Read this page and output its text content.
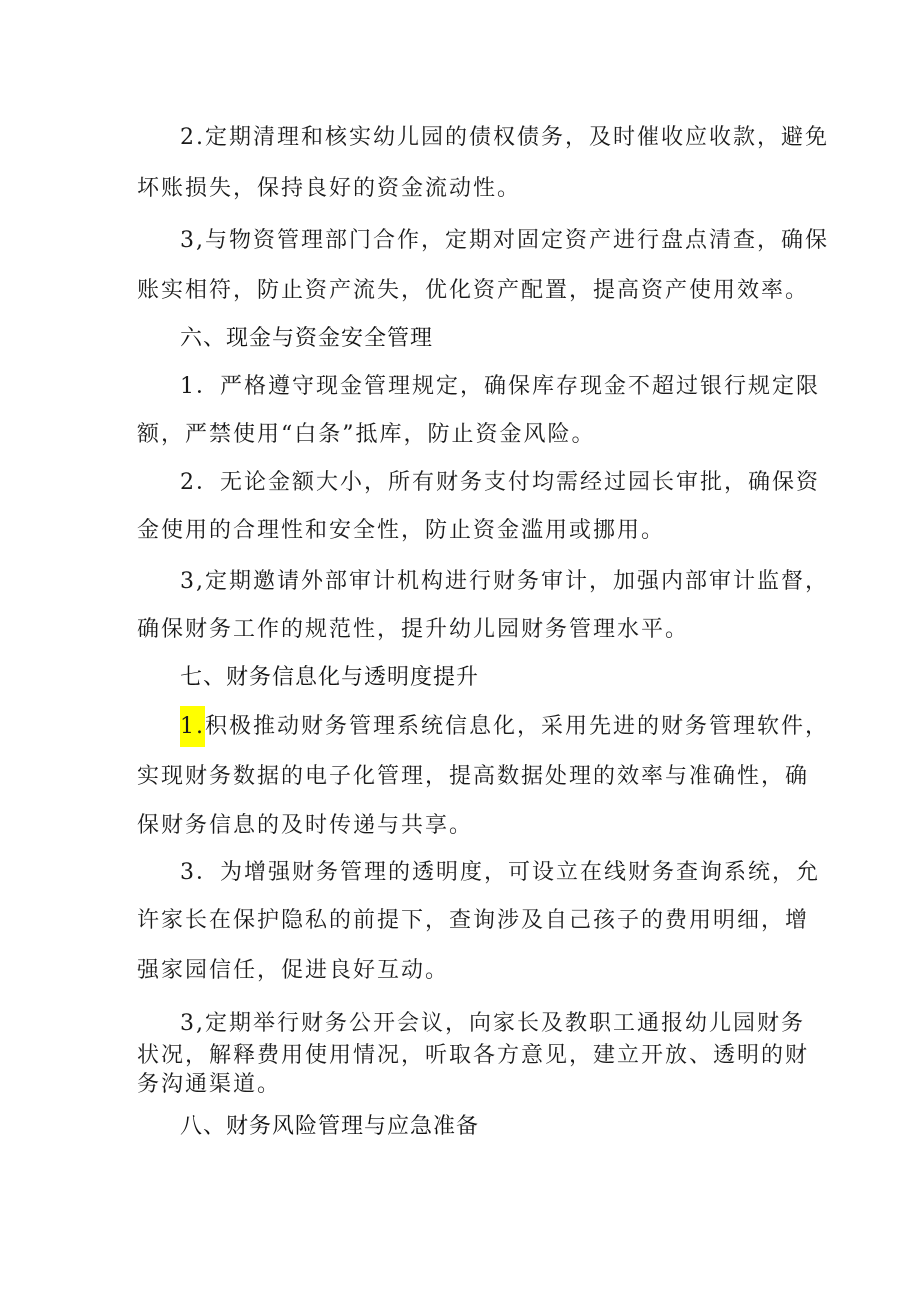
2.定期清理和核实幼儿园的债权债务，及时催收应收款，避免
坏账损失，保持良好的资金流动性。
3,与物资管理部门合作，定期对固定资产进行盘点清查，确保
账实相符，防止资产流失，优化资产配置，提高资产使用效率。
六、现金与资金安全管理
1．严格遵守现金管理规定，确保库存现金不超过银行规定限
额，严禁使用“白条”抵库，防止资金风险。
2．无论金额大小，所有财务支付均需经过园长审批，确保资
金使用的合理性和安全性，防止资金滥用或挪用。
3,定期邀请外部审计机构进行财务审计，加强内部审计监督，
确保财务工作的规范性，提升幼儿园财务管理水平。
七、财务信息化与透明度提升
1.积极推动财务管理系统信息化，采用先进的财务管理软件，
实现财务数据的电子化管理，提高数据处理的效率与准确性，确
保财务信息的及时传递与共享。
3．为增强财务管理的透明度，可设立在线财务查询系统，允
许家长在保护隐私的前提下，查询涉及自己孩子的费用明细，增
强家园信任，促进良好互动。
3,定期举行财务公开会议，向家长及教职工通报幼儿园财务
状况，解释费用使用情况，听取各方意见，建立开放、透明的财
务沟通渠道。
八、财务风险管理与应急准备
